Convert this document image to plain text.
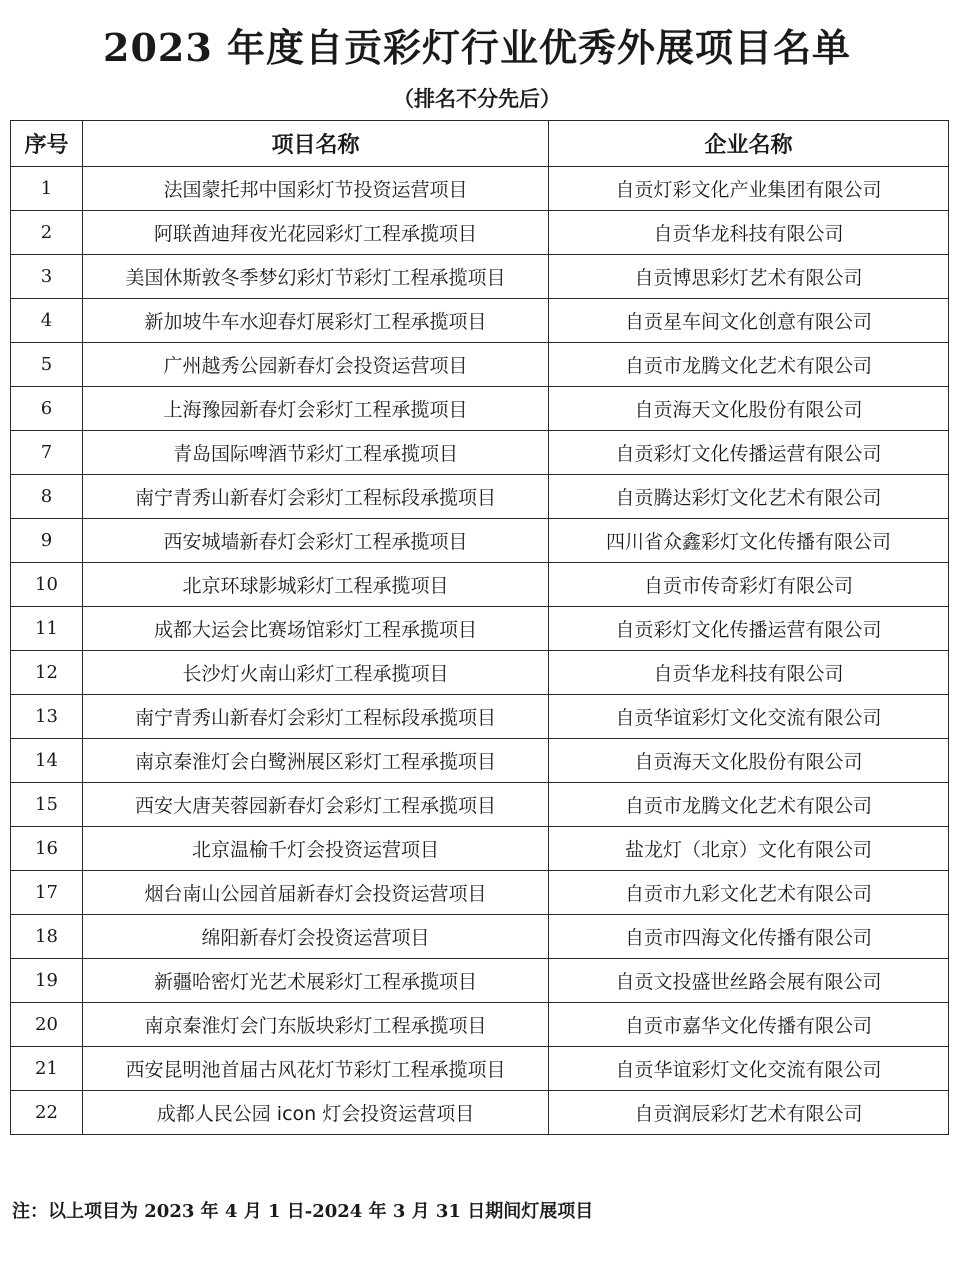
2023 年度自贡彩灯行业优秀外展项目名单
（排名不分先后）
序号	项目名称	企业名称
1	法国蒙托邦中国彩灯节投资运营项目	自贡灯彩文化产业集团有限公司
2	阿联酋迪拜夜光花园彩灯工程承揽项目	自贡华龙科技有限公司
3	美国休斯敦冬季梦幻彩灯节彩灯工程承揽项目	自贡博思彩灯艺术有限公司
4	新加坡牛车水迎春灯展彩灯工程承揽项目	自贡星车间文化创意有限公司
5	广州越秀公园新春灯会投资运营项目	自贡市龙腾文化艺术有限公司
6	上海豫园新春灯会彩灯工程承揽项目	自贡海天文化股份有限公司
7	青岛国际啤酒节彩灯工程承揽项目	自贡彩灯文化传播运营有限公司
8	南宁青秀山新春灯会彩灯工程标段承揽项目	自贡腾达彩灯文化艺术有限公司
9	西安城墙新春灯会彩灯工程承揽项目	四川省众鑫彩灯文化传播有限公司
10	北京环球影城彩灯工程承揽项目	自贡市传奇彩灯有限公司
11	成都大运会比赛场馆彩灯工程承揽项目	自贡彩灯文化传播运营有限公司
12	长沙灯火南山彩灯工程承揽项目	自贡华龙科技有限公司
13	南宁青秀山新春灯会彩灯工程标段承揽项目	自贡华谊彩灯文化交流有限公司
14	南京秦淮灯会白鹭洲展区彩灯工程承揽项目	自贡海天文化股份有限公司
15	西安大唐芙蓉园新春灯会彩灯工程承揽项目	自贡市龙腾文化艺术有限公司
16	北京温榆千灯会投资运营项目	盐龙灯（北京）文化有限公司
17	烟台南山公园首届新春灯会投资运营项目	自贡市九彩文化艺术有限公司
18	绵阳新春灯会投资运营项目	自贡市四海文化传播有限公司
19	新疆哈密灯光艺术展彩灯工程承揽项目	自贡文投盛世丝路会展有限公司
20	南京秦淮灯会门东版块彩灯工程承揽项目	自贡市嘉华文化传播有限公司
21	西安昆明池首届古风花灯节彩灯工程承揽项目	自贡华谊彩灯文化交流有限公司
22	成都人民公园 icon 灯会投资运营项目	自贡润辰彩灯艺术有限公司
注：以上项目为 2023 年 4 月 1 日-2024 年 3 月 31 日期间灯展项目
